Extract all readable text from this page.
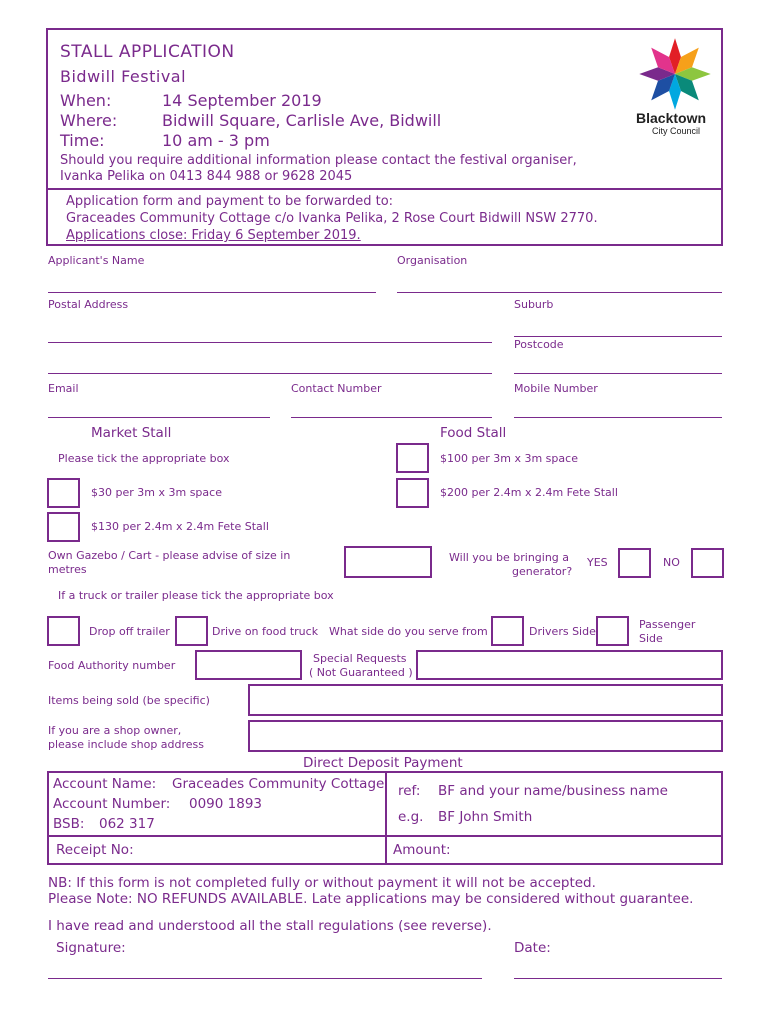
STALL APPLICATION
Bidwill Festival
When:	14 September 2019
Where:	Bidwill Square, Carlisle Ave, Bidwill
Time:	10 am - 3 pm
Should you require additional information please contact the festival organiser,
Ivanka Pelika on 0413 844 988 or 9628 2045
Blacktown
City Council
Application form and payment to be forwarded to:
Graceades Community Cottage c/o Ivanka Pelika, 2 Rose Court Bidwill NSW 2770.
Applications close: Friday 6 September 2019.
Applicant's Name	Organisation
Postal Address	Suburb
Postcode
Email	Contact Number	Mobile Number
Market Stall
Please tick the appropriate box
$30 per 3m x 3m space
$130 per 2.4m x 2.4m Fete Stall
Food Stall
$100 per 3m x 3m space
$200 per 2.4m x 2.4m Fete Stall
Own Gazebo / Cart - please advise of size in
metres
Will you be bringing a
generator?
YES	NO
If a truck or trailer please tick the appropriate box
Drop off trailer	Drive on food truck What side do you serve from	Drivers Side
Passenger
Side
Food Authority number
Special Requests
( Not Guaranteed )
Items being sold (be specific)
If you are a shop owner,
please include shop address
Direct Deposit Payment
Account Name: Graceades Community Cottage
Account Number: 0090 1893
BSB: 062 317
ref: BF and your name/business name
e.g. BF John Smith
Receipt No:	Amount:
NB: If this form is not completed fully or without payment it will not be accepted.
Please Note: NO REFUNDS AVAILABLE. Late applications may be considered without guarantee.
I have read and understood all the stall regulations (see reverse).
Signature:	Date:
